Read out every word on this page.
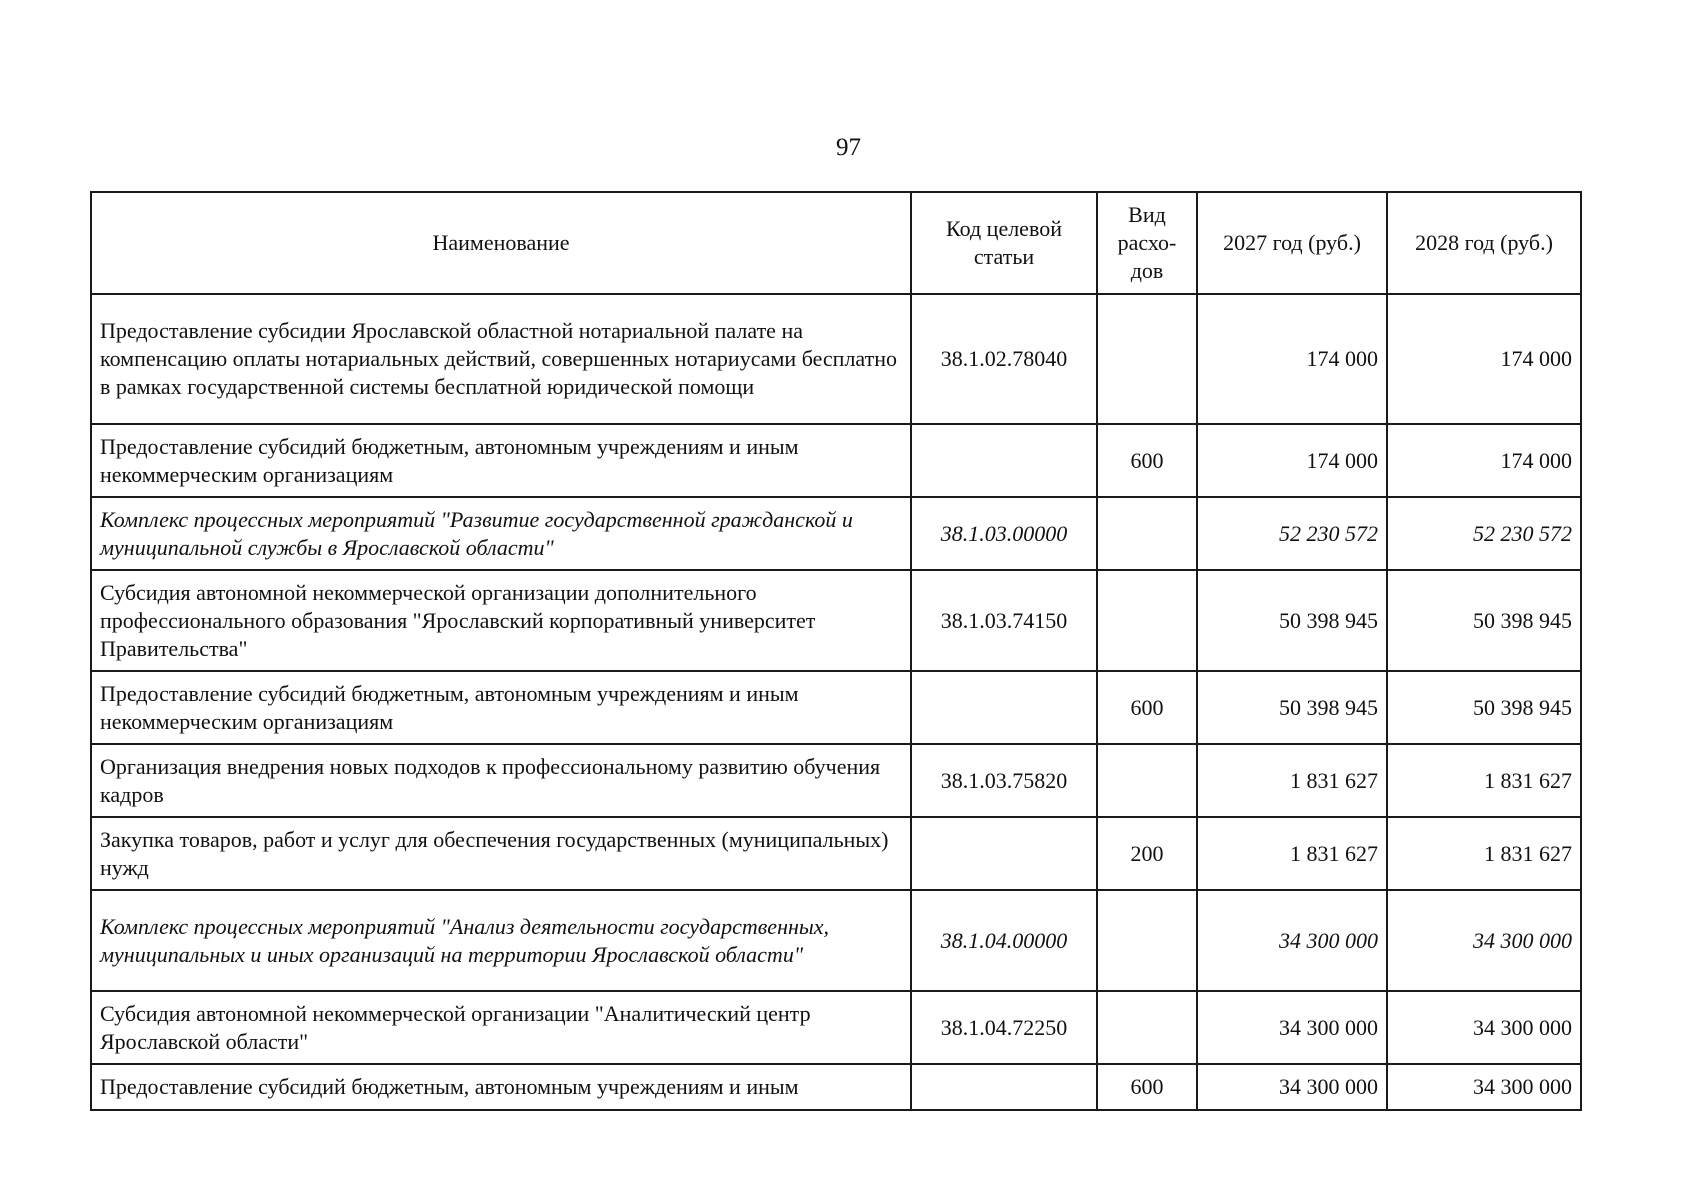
97
Наименование	Код целевой статьи	Вид расхо-дов	2027 год (руб.)	2028 год (руб.)
Предоставление субсидии Ярославской областной нотариальной палате на компенсацию оплаты нотариальных действий, совершенных нотариусами бесплатно в рамках государственной системы бесплатной юридической помощи	38.1.02.78040		174 000	174 000
Предоставление субсидий бюджетным, автономным учреждениям и иным некоммерческим организациям		600	174 000	174 000
Комплекс процессных мероприятий "Развитие государственной гражданской и муниципальной службы в Ярославской области"	38.1.03.00000		52 230 572	52 230 572
Субсидия автономной некоммерческой организации дополнительного профессионального образования "Ярославский корпоративный университет Правительства"	38.1.03.74150		50 398 945	50 398 945
Предоставление субсидий бюджетным, автономным учреждениям и иным некоммерческим организациям		600	50 398 945	50 398 945
Организация внедрения новых подходов к профессиональному развитию обучения кадров	38.1.03.75820		1 831 627	1 831 627
Закупка товаров, работ и услуг для обеспечения государственных (муниципальных) нужд		200	1 831 627	1 831 627
Комплекс процессных мероприятий "Анализ деятельности государственных, муниципальных и иных организаций на территории Ярославской области"	38.1.04.00000		34 300 000	34 300 000
Субсидия автономной некоммерческой организации "Аналитический центр Ярославской области"	38.1.04.72250		34 300 000	34 300 000
Предоставление субсидий бюджетным, автономным учреждениям и иным		600	34 300 000	34 300 000
